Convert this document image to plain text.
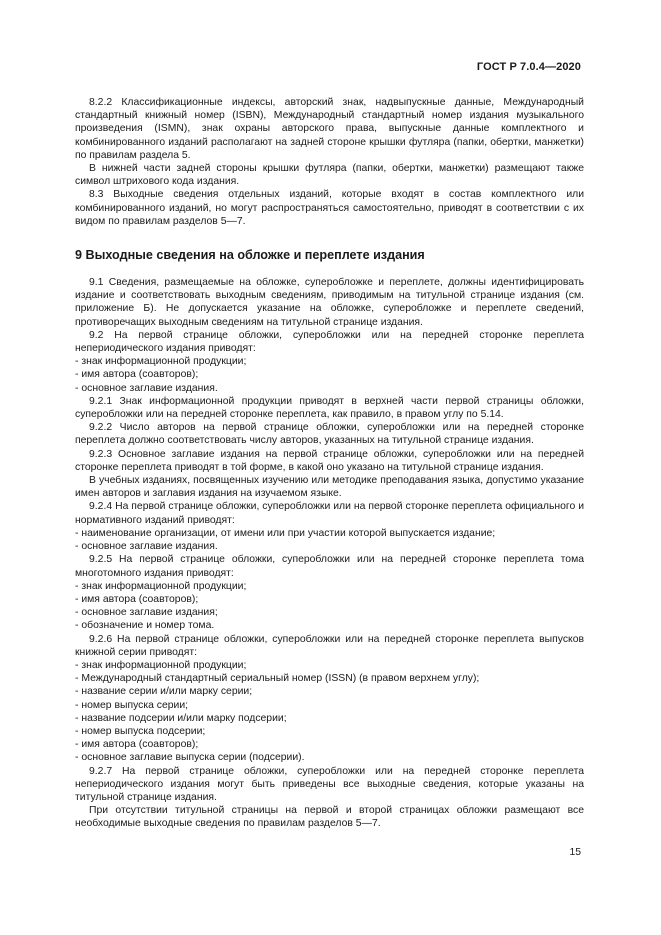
ГОСТ Р 7.0.4—2020

8.2.2 Классификационные индексы, авторский знак, надвыпускные данные, Международный стандартный книжный номер (ISBN), Международный стандартный номер издания музыкального произведения (ISMN), знак охраны авторского права, выпускные данные комплектного и комбинированного изданий располагают на задней стороне крышки футляра (папки, обертки, манжетки) по правилам раздела 5.

В нижней части задней стороны крышки футляра (папки, обертки, манжетки) размещают также символ штрихового кода издания.

8.3 Выходные сведения отдельных изданий, которые входят в состав комплектного или комбинированного изданий, но могут распространяться самостоятельно, приводят в соответствии с их видом по правилам разделов 5—7.

9 Выходные сведения на обложке и переплете издания

9.1 Сведения, размещаемые на обложке, суперобложке и переплете, должны идентифицировать издание и соответствовать выходным сведениям, приводимым на титульной странице издания (см. приложение Б). Не допускается указание на обложке, суперобложке и переплете сведений, противоречащих выходным сведениям на титульной странице издания.

9.2 На первой странице обложки, суперобложки или на передней сторонке переплета непериодического издания приводят:

- знак информационной продукции;
- имя автора (соавторов);
- основное заглавие издания.

9.2.1 Знак информационной продукции приводят в верхней части первой страницы обложки, суперобложки или на передней сторонке переплета, как правило, в правом углу по 5.14.

9.2.2 Число авторов на первой странице обложки, суперобложки или на передней сторонке переплета должно соответствовать числу авторов, указанных на титульной странице издания.

9.2.3 Основное заглавие издания на первой странице обложки, суперобложки или на передней сторонке переплета приводят в той форме, в какой оно указано на титульной странице издания.

В учебных изданиях, посвященных изучению или методике преподавания языка, допустимо указание имен авторов и заглавия издания на изучаемом языке.

9.2.4 На первой странице обложки, суперобложки или на первой сторонке переплета официального и нормативного изданий приводят:

- наименование организации, от имени или при участии которой выпускается издание;
- основное заглавие издания.

9.2.5 На первой странице обложки, суперобложки или на передней сторонке переплета тома многотомного издания приводят:

- знак информационной продукции;
- имя автора (соавторов);
- основное заглавие издания;
- обозначение и номер тома.

9.2.6 На первой странице обложки, суперобложки или на передней сторонке переплета выпусков книжной серии приводят:

- знак информационной продукции;
- Международный стандартный сериальный номер (ISSN) (в правом верхнем углу);
- название серии и/или марку серии;
- номер выпуска серии;
- название подсерии и/или марку подсерии;
- номер выпуска подсерии;
- имя автора (соавторов);
- основное заглавие выпуска серии (подсерии).

9.2.7 На первой странице обложки, суперобложки или на передней сторонке переплета непериодического издания могут быть приведены все выходные сведения, которые указаны на титульной странице издания.

При отсутствии титульной страницы на первой и второй страницах обложки размещают все необходимые выходные сведения по правилам разделов 5—7.

15
